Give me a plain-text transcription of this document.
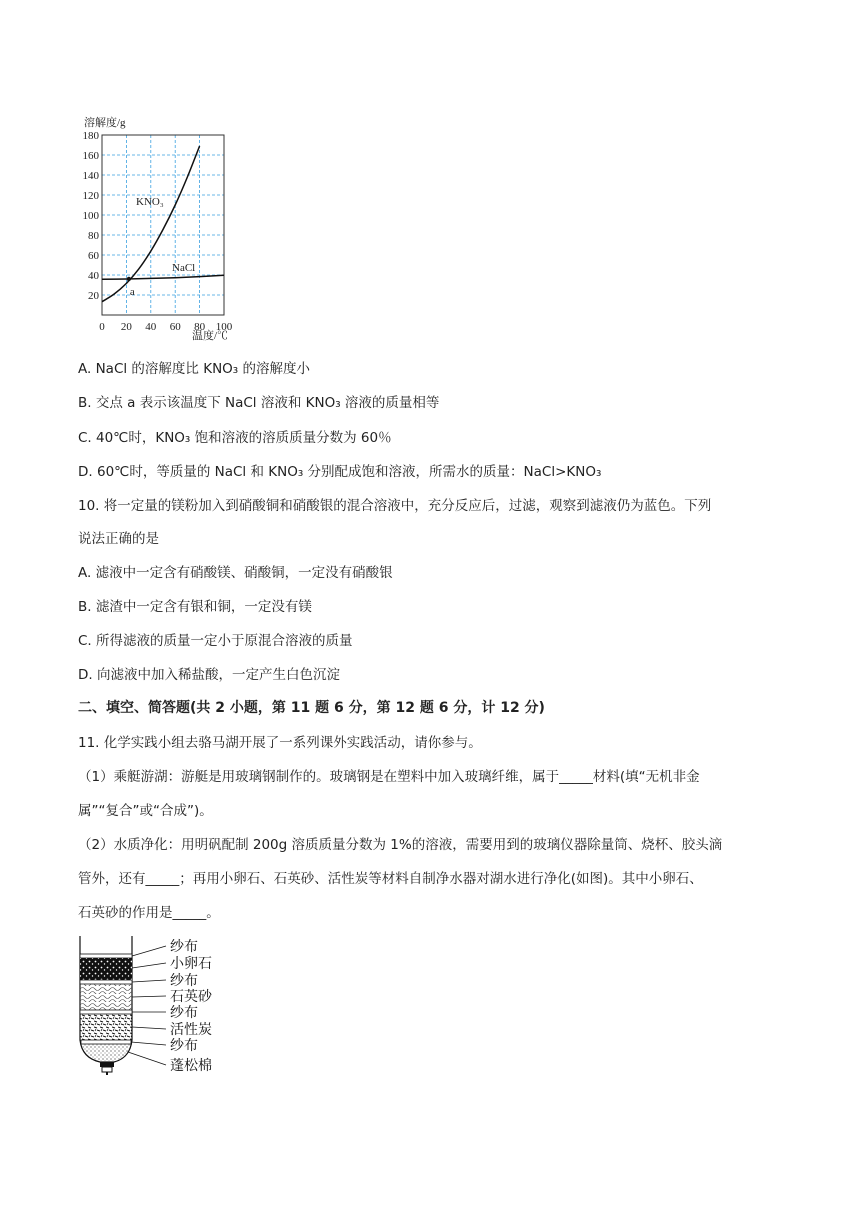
溶解度/g
KNO₃
NaCl
a
0 20 40 60 80 100
20
40
60
80
100
120
140
160
180
温度/℃
A. NaCl 的溶解度比 KNO₃ 的溶解度小
B. 交点 a 表示该温度下 NaCl 溶液和 KNO₃ 溶液的质量相等
C. 40℃时，KNO₃ 饱和溶液的溶质质量分数为 60％
D. 60℃时，等质量的 NaCl 和 KNO₃ 分别配成饱和溶液，所需水的质量：NaCl>KNO₃
10. 将一定量的镁粉加入到硝酸铜和硝酸银的混合溶液中，充分反应后，过滤，观察到滤液仍为蓝色。下列
说法正确的是
A. 滤液中一定含有硝酸镁、硝酸铜，一定没有硝酸银
B. 滤渣中一定含有银和铜，一定没有镁
C. 所得滤液的质量一定小于原混合溶液的质量
D. 向滤液中加入稀盐酸，一定产生白色沉淀
二、填空、简答题(共 2 小题，第 11 题 6 分，第 12 题 6 分，计 12 分)
11. 化学实践小组去骆马湖开展了一系列课外实践活动，请你参与。
（1）乘艇游湖：游艇是用玻璃钢制作的。玻璃钢是在塑料中加入玻璃纤维，属于_____材料(填“无机非金
属”“复合”或“合成”)。
（2）水质净化：用明矾配制 200g 溶质质量分数为 1%的溶液，需要用到的玻璃仪器除量筒、烧杯、胶头滴
管外，还有_____；再用小卵石、石英砂、活性炭等材料自制净水器对湖水进行净化(如图)。其中小卵石、
石英砂的作用是_____。
纱布
小卵石
纱布
石英砂
纱布
活性炭
纱布
蓬松棉
